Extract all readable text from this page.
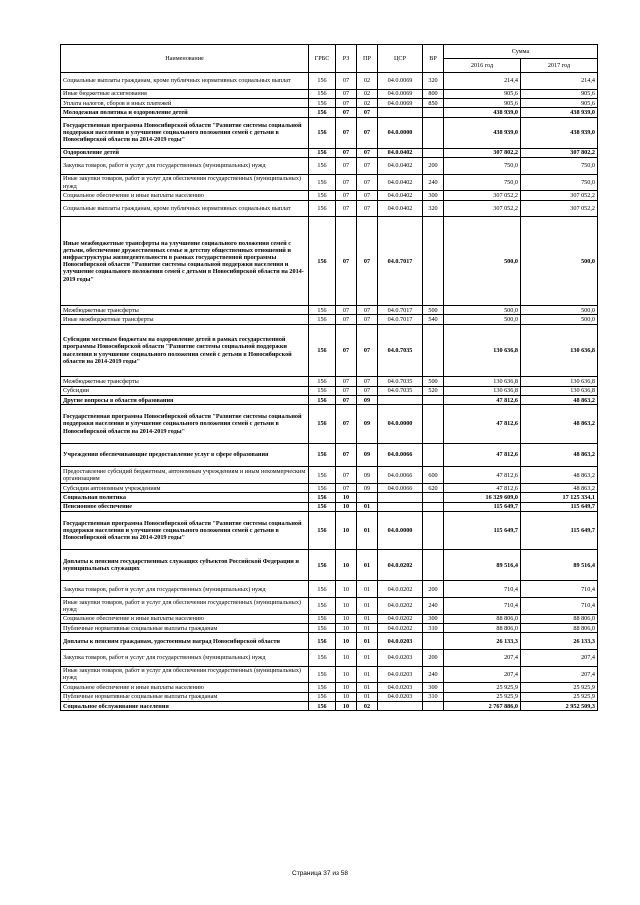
Наименование	ГРБС	РЗ	ПР	ЦСР	ВР	Сумма	
						2016 год	2017 год
Социальные выплаты гражданам, кроме публичных нормативных социальных выплат	156	07	02	04.0.0069	320	214,4	214,4
Иные бюджетные ассигнования	156	07	02	04.0.0069	800	905,6	905,6
Уплата налогов, сборов и иных платежей	156	07	02	04.0.0069	850	905,6	905,6
Молодежная политика и оздоровление детей	156	07	07			438 939,0	438 939,0
Государственная программа Новосибирской области "Развитие системы социальной поддержки населения и улучшение социального положения семей с детьми в Новосибирской области на 2014-2019 годы"	156	07	07	04.0.0000		438 939,0	438 939,0
Оздоровление детей	156	07	07	04.0.0402		307 802,2	307 802,2
Закупка товаров, работ и услуг для государственных (муниципальных) нужд	156	07	07	04.0.0402	200	750,0	750,0
Иные закупки товаров, работ и услуг для обеспечения государственных (муниципальных) нужд	156	07	07	04.0.0402	240	750,0	750,0
Социальное обеспечение и иные выплаты населению	156	07	07	04.0.0402	300	307 052,2	307 052,2
Социальные выплаты гражданам, кроме публичных нормативных социальных выплат	156	07	07	04.0.0402	320	307 052,2	307 052,2
Иные межбюджетные трансферты на улучшение социального положения семей с детьми, обеспечение дружественных семье и детству общественных отношений и инфраструктуры жизнедеятельности в рамках государственной программы Новосибирской области "Развитие системы социальной поддержки населения и улучшение социального положения семей с детьми в Новосибирской области на 2014-2019 годы"	156	07	07	04.0.7017		500,0	500,0
Межбюджетные трансферты	156	07	07	04.0.7017	500	500,0	500,0
Иные межбюджетные трансферты	156	07	07	04.0.7017	540	500,0	500,0
Субсидии местным бюджетам на оздоровление детей в рамках государственной программы Новосибирской области "Развитие системы социальной поддержки населения и улучшение социального положения семей с детьми в Новосибирской области на 2014-2019 годы"	156	07	07	04.0.7035		130 636,8	130 636,8
Межбюджетные трансферты	156	07	07	04.0.7035	500	130 636,8	130 636,8
Субсидии	156	07	07	04.0.7035	520	130 636,8	130 636,8
Другие вопросы в области образования	156	07	09			47 812,6	48 863,2
Государственная программа Новосибирской области "Развитие системы социальной поддержки населения и улучшение социального положения семей с детьми в Новосибирской области на 2014-2019 годы"	156	07	09	04.0.0000		47 812,6	48 863,2
Учреждения обеспечивающие предоставление услуг в сфере образования	156	07	09	04.0.0066		47 812,6	48 863,2
Предоставление субсидий бюджетным, автономным учреждениям и иным некоммерческим организациям	156	07	09	04.0.0066	600	47 812,6	48 863,2
Субсидии автономным учреждениям	156	07	09	04.0.0066	620	47 812,6	48 863,2
Социальная политика	156	10				16 329 609,0	17 125 334,1
Пенсионное обеспечение	156	10	01			115 649,7	115 649,7
Государственная программа Новосибирской области "Развитие системы социальной поддержки населения и улучшение социального положения семей с детьми в Новосибирской области на 2014-2019 годы"	156	10	01	04.0.0000		115 649,7	115 649,7
Доплаты к пенсиям государственных служащих субъектов Российской Федерации и муниципальных служащих	156	10	01	04.0.0202		89 516,4	89 516,4
Закупка товаров, работ и услуг для государственных (муниципальных) нужд	156	10	01	04.0.0202	200	710,4	710,4
Иные закупки товаров, работ и услуг для обеспечения государственных (муниципальных) нужд	156	10	01	04.0.0202	240	710,4	710,4
Социальное обеспечение и иные выплаты населению	156	10	01	04.0.0202	300	88 806,0	88 806,0
Публичные нормативные социальные выплаты гражданам	156	10	01	04.0.0202	310	88 806,0	88 806,0
Доплаты к пенсиям гражданам, удостоенным наград Новосибирской области	156	10	01	04.0.0203		26 133,3	26 133,3
Закупка товаров, работ и услуг для государственных (муниципальных) нужд	156	10	01	04.0.0203	200	207,4	207,4
Иные закупки товаров, работ и услуг для обеспечения государственных (муниципальных) нужд	156	10	01	04.0.0203	240	207,4	207,4
Социальное обеспечение и иные выплаты населению	156	10	01	04.0.0203	300	25 925,9	25 925,9
Публичные нормативные социальные выплаты гражданам	156	10	01	04.0.0203	310	25 925,9	25 925,9
Социальное обслуживание населения	156	10	02			2 767 886,0	2 952 509,3
Страница 37 из 58
